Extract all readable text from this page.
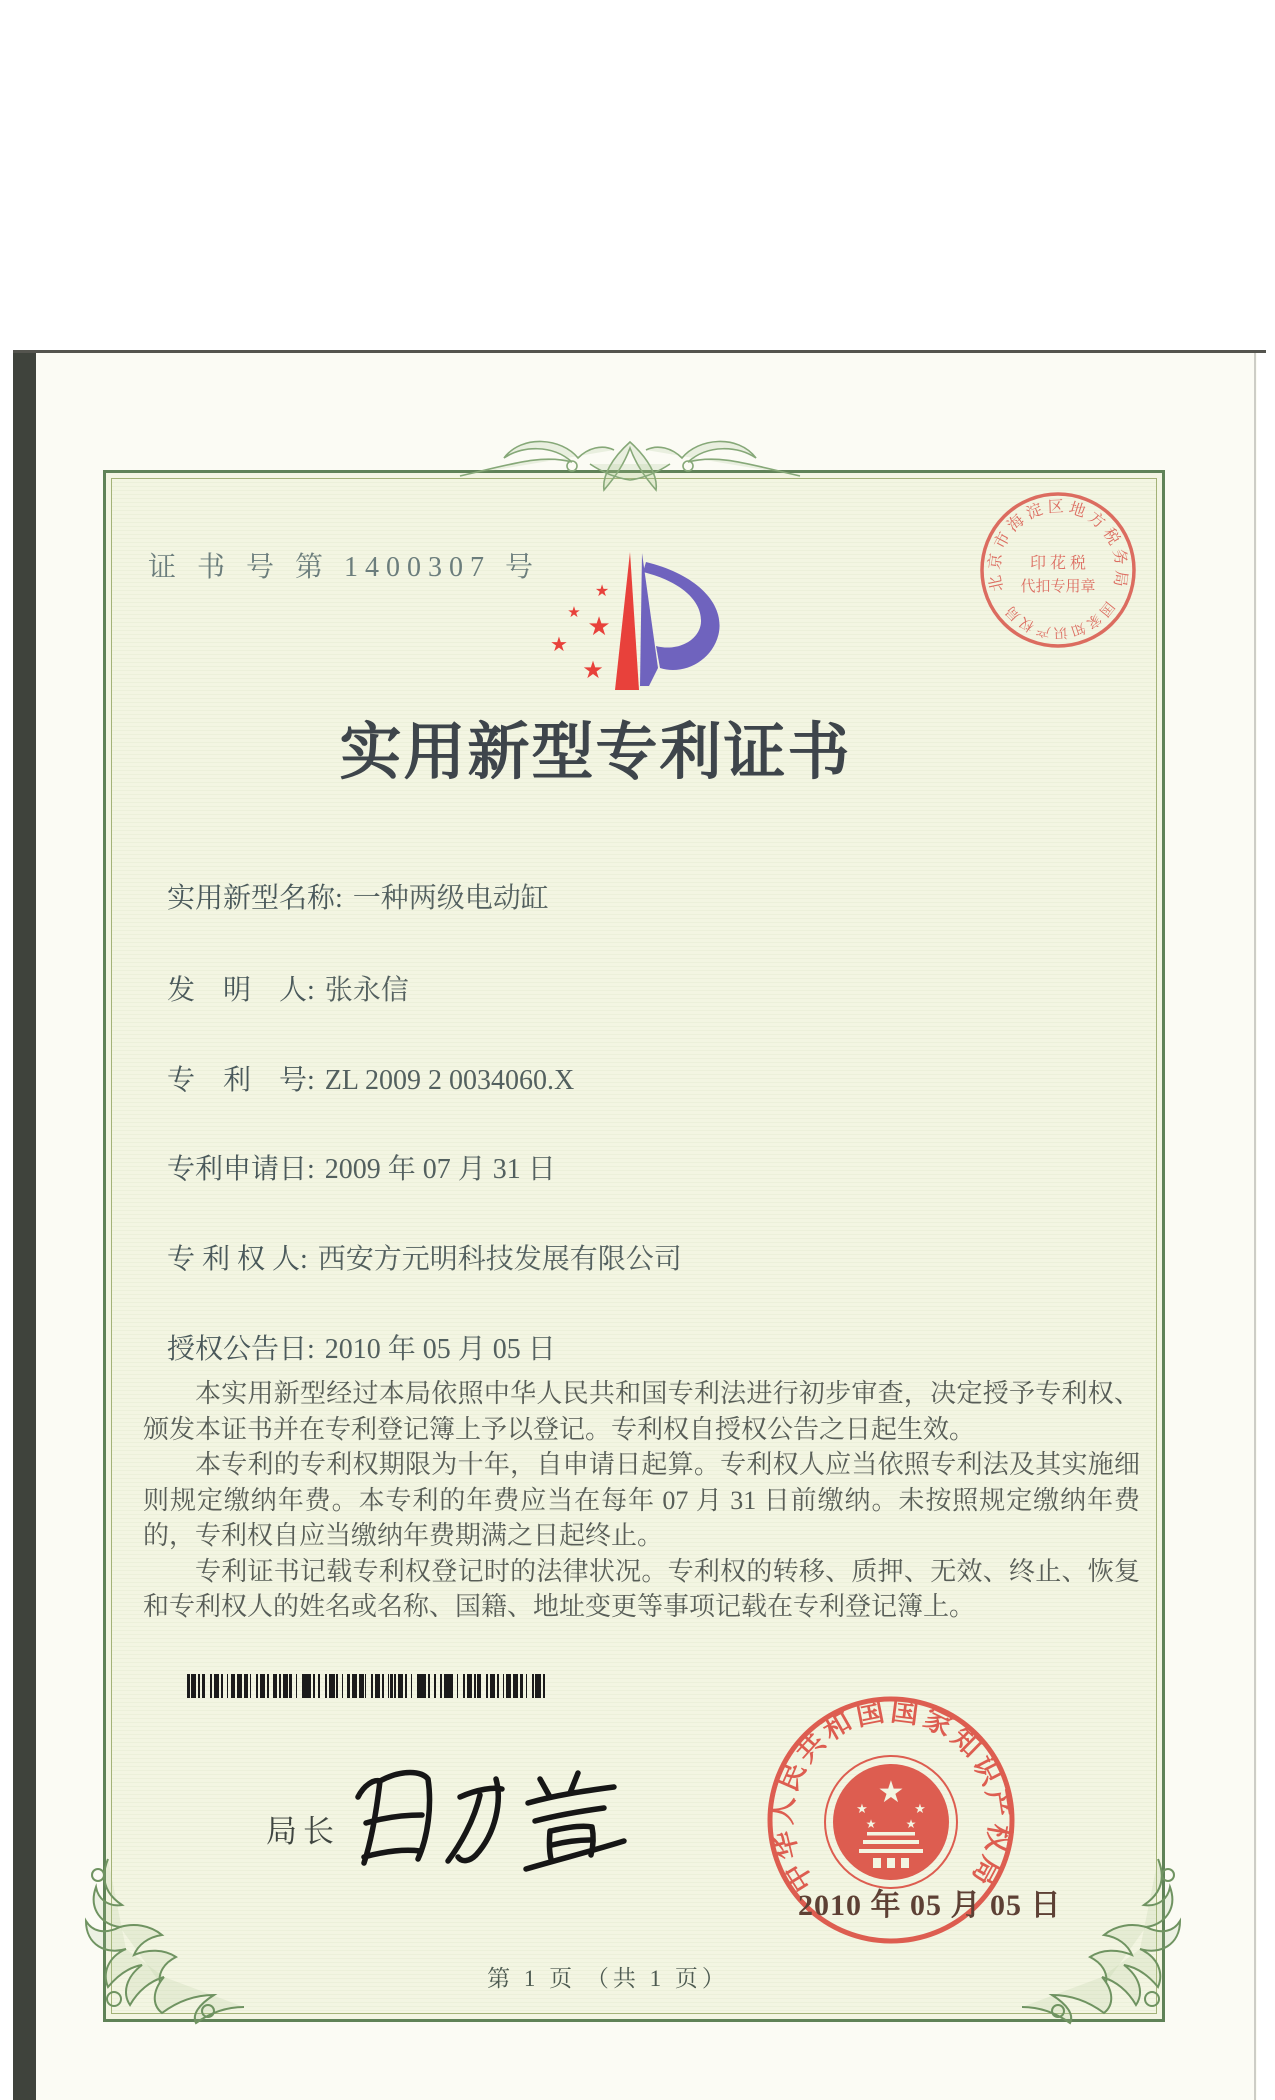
证 书 号 第 1400307 号
★
★ ★
★
★
北京市海淀区地方税务局
国家知识产权局
印 花 税
代扣专用章
实用新型专利证书
实用新型名称: 一种两级电动缸
发　明　人: 张永信
专　利　号: ZL 2009 2 0034060.X
专利申请日: 2009 年 07 月 31 日
专 利 权 人: 西安方元明科技发展有限公司
授权公告日: 2010 年 05 月 05 日

本实用新型经过本局依照中华人民共和国专利法进行初步审查，决定授予专利权、颁发本证书并在专利登记簿上予以登记。专利权自授权公告之日起生效。

本专利的专利权期限为十年，自申请日起算。专利权人应当依照专利法及其实施细则规定缴纳年费。本专利的年费应当在每年 07 月 31 日前缴纳。未按照规定缴纳年费的，专利权自应当缴纳年费期满之日起终止。

专利证书记载专利权登记时的法律状况。专利权的转移、质押、无效、终止、恢复和专利权人的姓名或名称、国籍、地址变更等事项记载在专利登记簿上。

局长
中华人民共和国国家知识产权局
★
★	★
★ ★
2010 年 05 月 05 日
第 1 页 （共 1 页）
